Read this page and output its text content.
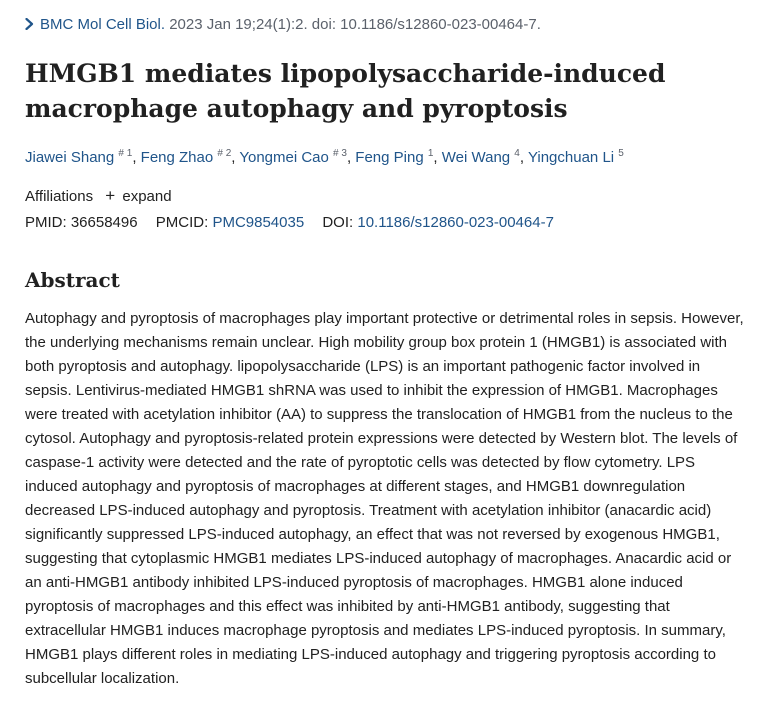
BMC Mol Cell Biol. 2023 Jan 19;24(1):2. doi: 10.1186/s12860-023-00464-7.
HMGB1 mediates lipopolysaccharide-induced macrophage autophagy and pyroptosis
Jiawei Shang $^{\# 1}$, Feng Zhao $^{\# 2}$, Yongmei Cao $^{\# 3}$, Feng Ping $^1$, Wei Wang $^4$, Yingchuan Li $^5$
Affiliations + expand
PMID: 36658496 PMCID: PMC9854035 DOI: 10.1186/s12860-023-00464-7
Abstract

Autophagy and pyroptosis of macrophages play important protective or detrimental roles in sepsis. However, the underlying mechanisms remain unclear. High mobility group box protein 1 (HMGB1) is associated with both pyroptosis and autophagy. lipopolysaccharide (LPS) is an important pathogenic factor involved in sepsis. Lentivirus-mediated HMGB1 shRNA was used to inhibit the expression of HMGB1. Macrophages were treated with acetylation inhibitor (AA) to suppress the translocation of HMGB1 from the nucleus to the cytosol. Autophagy and pyroptosis-related protein expressions were detected by Western blot. The levels of caspase-1 activity were detected and the rate of pyroptotic cells was detected by flow cytometry. LPS induced autophagy and pyroptosis of macrophages at different stages, and HMGB1 downregulation decreased LPS-induced autophagy and pyroptosis. Treatment with acetylation inhibitor (anacardic acid) significantly suppressed LPS-induced autophagy, an effect that was not reversed by exogenous HMGB1, suggesting that cytoplasmic HMGB1 mediates LPS-induced autophagy of macrophages. Anacardic acid or an anti-HMGB1 antibody inhibited LPS-induced pyroptosis of macrophages. HMGB1 alone induced pyroptosis of macrophages and this effect was inhibited by anti-HMGB1 antibody, suggesting that extracellular HMGB1 induces macrophage pyroptosis and mediates LPS-induced pyroptosis. In summary, HMGB1 plays different roles in mediating LPS-induced autophagy and triggering pyroptosis according to subcellular localization.
